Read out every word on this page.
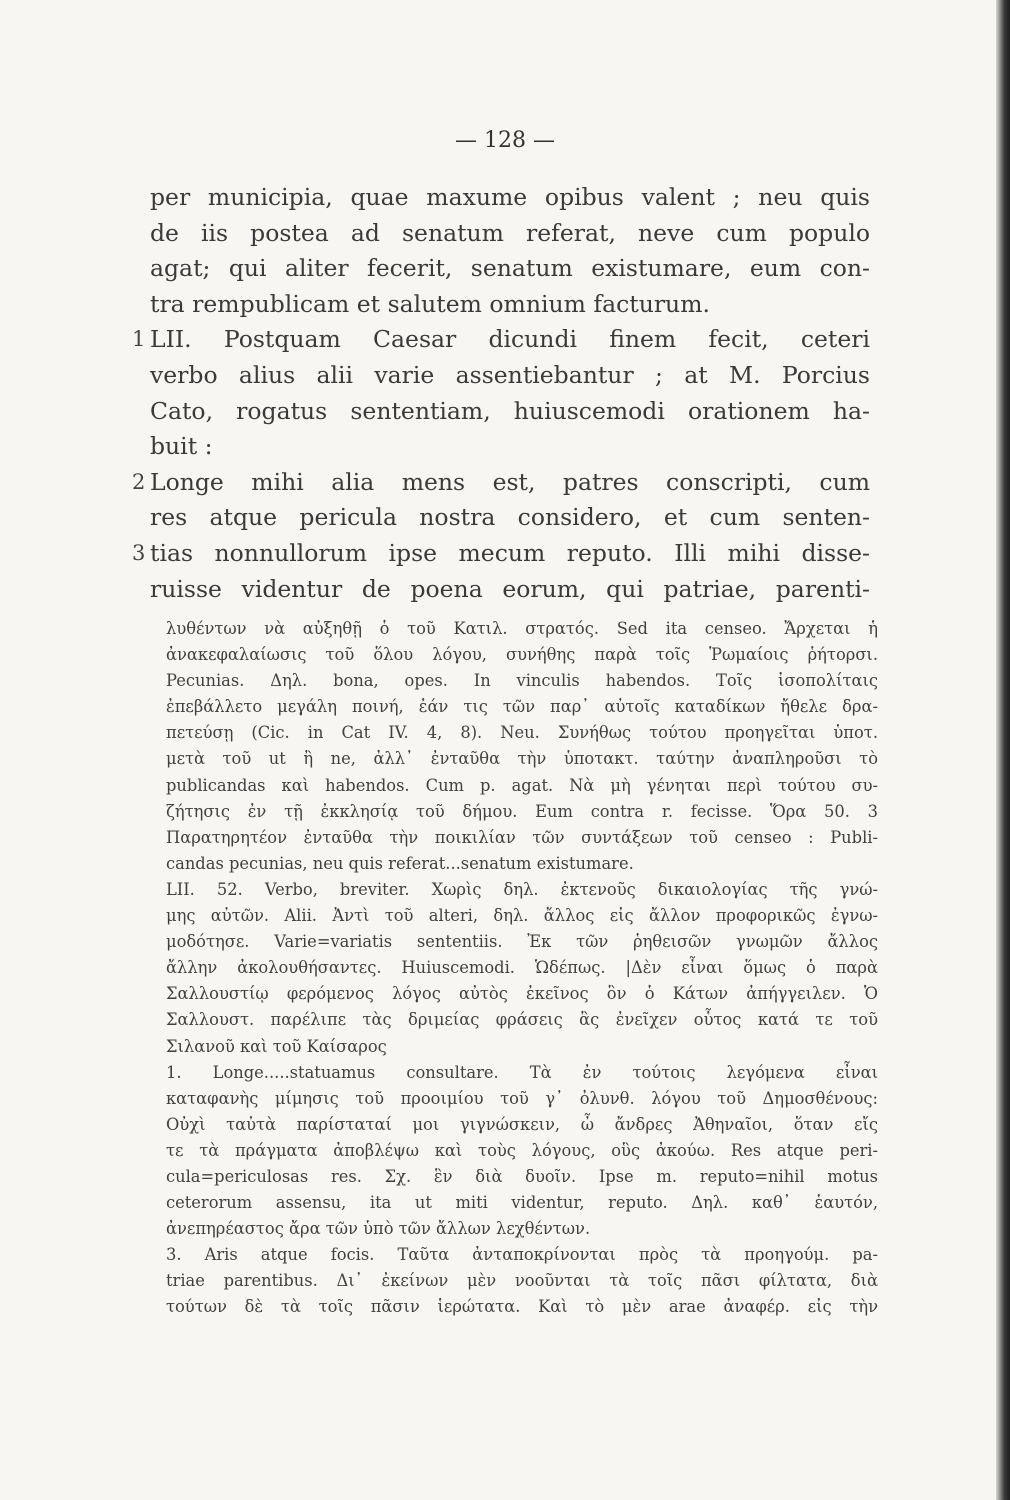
— 128 —
per municipia, quae maxume opibus valent ; neu quis
de iis postea ad senatum referat, neve cum populo
agat; qui aliter fecerit, senatum existumare, eum con-
tra rempublicam et salutem omnium facturum.
1 LII. Postquam Caesar dicundi finem fecit, ceteri
verbo alius alii varie assentiebantur ; at M. Porcius
Cato, rogatus sententiam, huiuscemodi orationem ha-
buit :
2 Longe mihi alia mens est, patres conscripti, cum
res atque pericula nostra considero, et cum senten-
3 tias nonnullorum ipse mecum reputo. Illi mihi disse-
ruisse videntur de poena eorum, qui patriae, parenti-
λυθέντων νὰ αὐξηθῇ ὁ τοῦ Κατιλ. στρατός. Sed ita censeo. Ἄρχεται ἡ
ἀνακεφαλαίωσις τοῦ ὅλου λόγου, συνήθης παρὰ τοῖς Ῥωμαίοις ῥήτορσι.
Pecunias. Δηλ. bona, opes. In vinculis habendos. Τοῖς ἰσοπολίταις
ἐπεβάλλετο μεγάλη ποινή, ἐάν τις τῶν παρ᾽ αὐτοῖς καταδίκων ἤθελε δρα-
πετεύσῃ (Cic. in Cat IV. 4, 8). Neu. Συνήθως τούτου προηγεῖται ὑποτ.
μετὰ τοῦ ut ἢ ne, ἀλλ᾽ ἐνταῦθα τὴν ὑποτακτ. ταύτην ἀναπληροῦσι τὸ
publicandas καὶ habendos. Cum p. agat. Νὰ μὴ γένηται περὶ τούτου συ-
ζήτησις ἐν τῇ ἐκκλησίᾳ τοῦ δήμου. Eum contra r. fecisse. Ὅρα 50. 3
Παρατηρητέον ἐνταῦθα τὴν ποικιλίαν τῶν συντάξεων τοῦ censeo : Publi-
candas pecunias, neu quis referat...senatum existumare.
LII. 52. Verbo, breviter. Χωρὶς δηλ. ἐκτενοῦς δικαιολογίας τῆς γνώ-
μης αὐτῶν. Alii. Ἀντὶ τοῦ alteri, δηλ. ἄλλος εἰς ἄλλον προφορικῶς ἐγνω-
μοδότησε. Varie=variatis sententiis. Ἐκ τῶν ῥηθεισῶν γνωμῶν ἄλλος
ἄλλην ἀκολουθήσαντες. Huiuscemodi. Ὡδέπως. |Δὲν εἶναι ὅμως ὁ παρὰ
Σαλλουστίῳ φερόμενος λόγος αὐτὸς ἐκεῖνος ὃν ὁ Κάτων ἀπήγγειλεν. Ὁ
Σαλλουστ. παρέλιπε τὰς δριμείας φράσεις ἃς ἐνεῖχεν οὗτος κατά τε τοῦ
Σιλανοῦ καὶ τοῦ Καίσαρος
1. Longe.....statuamus consultare. Τὰ ἐν τούτοις λεγόμενα εἶναι
καταφανὴς μίμησις τοῦ προοιμίου τοῦ γ᾽ ὀλυνθ. λόγου τοῦ Δημοσθένους:
Οὐχὶ ταὐτὰ παρίσταταί μοι γιγνώσκειν, ὦ ἄνδρες Ἀθηναῖοι, ὅταν εἴς
τε τὰ πράγματα ἀποβλέψω καὶ τοὺς λόγους, οὓς ἀκούω. Res atque peri-
cula=periculosas res. Σχ. ἓν διὰ δυοῖν. Ipse m. reputo=nihil motus
ceterorum assensu, ita ut miti videntur, reputo. Δηλ. καθ᾽ ἑαυτόν,
ἀνεπηρέαστος ἄρα τῶν ὑπὸ τῶν ἄλλων λεχθέντων.
3. Aris atque focis. Ταῦτα ἀνταποκρίνονται πρὸς τὰ προηγούμ. pa-
triae parentibus. Δι᾽ ἐκείνων μὲν νοοῦνται τὰ τοῖς πᾶσι φίλτατα, διὰ
τούτων δὲ τὰ τοῖς πᾶσιν ἱερώτατα. Καὶ τὸ μὲν arae ἀναφέρ. εἰς τὴν
